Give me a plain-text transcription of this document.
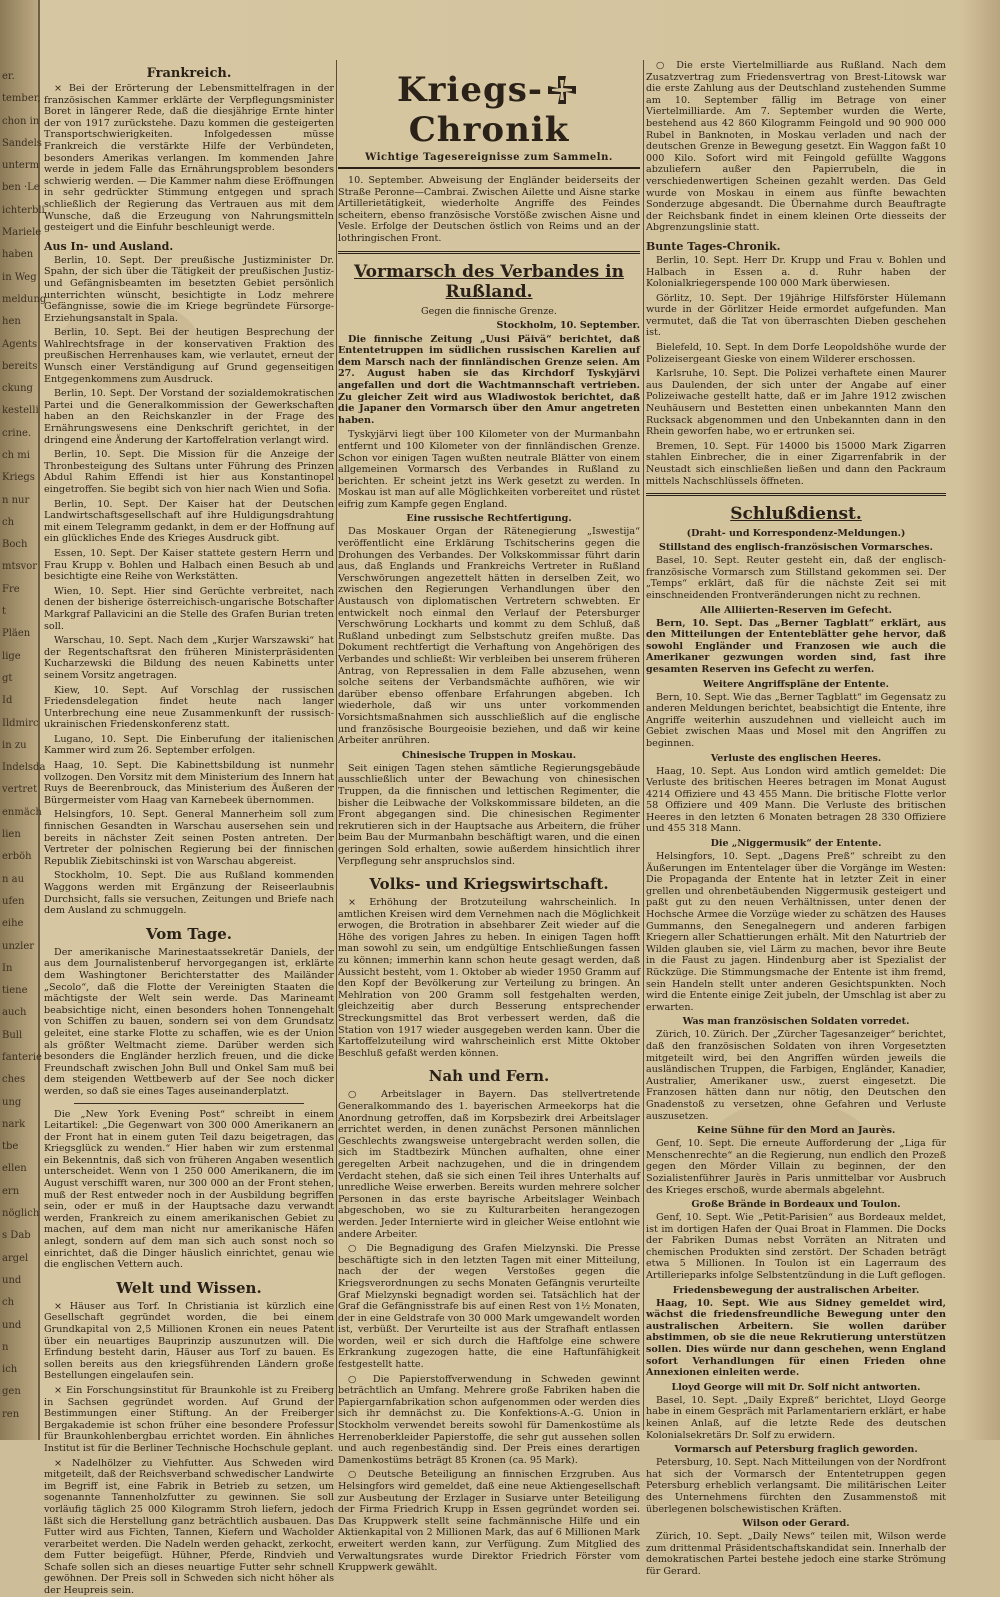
er.
tember,
chon in
Sandels
unterm
ben ·Le
ichterbli
Mariele
haben
in Weg
meldung
hen
Agents
bereits
ckung
kestelli
crine.
ch mi
Kriegs
n nur
ch
Boch
mtsvor
Fre
t
Pläen
lige
gt
Id
Ildmirc
in zu
Indelsda
vertret
enmäch
lien
erböh
n au
ufen
eihe
unzler
In
tiene
auch
Bull
fanterie
ches
ung
nark
tbe
ellen
ern
nöglich
s Dab
argel
und
ch
und
n
ich
gen
ren
Frankreich.

× Bei der Erörterung der Lebensmittelfragen in der französischen Kammer erklärte der Verpflegungsminister Boret in längerer Rede, daß die diesjährige Ernte hinter der von 1917 zurückstehe. Dazu kommen die gesteigerten Transportschwierigkeiten. Infolgedessen müsse Frankreich die verstärkte Hilfe der Verbündeten, besonders Amerikas verlangen. Im kommenden Jahre werde in jedem Falle das Ernährungsproblem besonders schwierig werden. — Die Kammer nahm diese Eröffnungen in sehr gedrückter Stimmung entgegen und sprach schließlich der Regierung das Vertrauen aus mit dem Wunsche, daß die Erzeugung von Nahrungsmitteln gesteigert und die Einfuhr beschleunigt werde.

Aus In- und Ausland.

Berlin, 10. Sept. Der preußische Justizminister Dr. Spahn, der sich über die Tätigkeit der preußischen Justiz- und Gefängnisbeamten im besetzten Gebiet persönlich unterrichten wünscht, besichtigte in Lodz mehrere Gefängnisse, sowie die im Kriege begründete Fürsorge-Erziehungsanstalt in Spala.

Berlin, 10. Sept. Bei der heutigen Besprechung der Wahlrechtsfrage in der konservativen Fraktion des preußischen Herrenhauses kam, wie verlautet, erneut der Wunsch einer Verständigung auf Grund gegenseitigen Entgegenkommens zum Ausdruck.

Berlin, 10. Sept. Der Vorstand der sozialdemokratischen Partei und die Generalkommission der Gewerkschaften haben an den Reichskanzler in der Frage des Ernährungswesens eine Denkschrift gerichtet, in der dringend eine Änderung der Kartoffelration verlangt wird.

Berlin, 10. Sept. Die Mission für die Anzeige der Thronbesteigung des Sultans unter Führung des Prinzen Abdul Rahim Effendi ist hier aus Konstantinopel eingetroffen. Sie begibt sich von hier nach Wien und Sofia.

Berlin, 10. Sept. Der Kaiser hat der Deutschen Landwirtschaftsgesellschaft auf ihre Huldigungsdrahtung mit einem Telegramm gedankt, in dem er der Hoffnung auf ein glückliches Ende des Krieges Ausdruck gibt.

Essen, 10. Sept. Der Kaiser stattete gestern Herrn und Frau Krupp v. Bohlen und Halbach einen Besuch ab und besichtigte eine Reihe von Werkstätten.

Wien, 10. Sept. Hier sind Gerüchte verbreitet, nach denen der bisherige österreichisch-ungarische Botschafter Markgraf Pallavicini an die Stelle des Grafen Burian treten soll.

Warschau, 10. Sept. Nach dem „Kurjer Warszawski“ hat der Regentschaftsrat den früheren Ministerpräsidenten Kucharzewski die Bildung des neuen Kabinetts unter seinem Vorsitz angetragen.

Kiew, 10. Sept. Auf Vorschlag der russischen Friedensdelegation findet heute nach langer Unterbrechung eine neue Zusammenkunft der russisch-ukrainischen Friedenskonferenz statt.

Lugano, 10. Sept. Die Einberufung der italienischen Kammer wird zum 26. September erfolgen.

Haag, 10. Sept. Die Kabinettsbildung ist nunmehr vollzogen. Den Vorsitz mit dem Ministerium des Innern hat Ruys de Beerenbrouck, das Ministerium des Äußeren der Bürgermeister vom Haag van Karnebeek übernommen.

Helsingfors, 10. Sept. General Mannerheim soll zum finnischen Gesandten in Warschau ausersehen sein und bereits in nächster Zeit seinen Posten antreten. Der Vertreter der polnischen Regierung bei der finnischen Republik Ziebitschinski ist von Warschau abgereist.

Stockholm, 10. Sept. Die aus Rußland kommenden Waggons werden mit Ergänzung der Reiseerlaubnis Durchsicht, falls sie versuchen, Zeitungen und Briefe nach dem Ausland zu schmuggeln.

Vom Tage.

Der amerikanische Marinestaatssekretär Daniels, der aus dem Journalistenberuf hervorgegangen ist, erklärte dem Washingtoner Berichterstatter des Mailänder „Secolo“, daß die Flotte der Vereinigten Staaten die mächtigste der Welt sein werde. Das Marineamt beabsichtige nicht, einen besonders hohen Tonnengehalt von Schiffen zu bauen, sondern sei von dem Grundsatz geleitet, eine starke Flotte zu schaffen, wie es der Union als größter Weltmacht zieme. Darüber werden sich besonders die Engländer herzlich freuen, und die dicke Freundschaft zwischen John Bull und Onkel Sam muß bei dem steigenden Wettbewerb auf der See noch dicker werden, so daß sie eines Tages auseinanderplatzt.

Die „New York Evening Post“ schreibt in einem Leitartikel: „Die Gegenwart von 300 000 Amerikanern an der Front hat in einem guten Teil dazu beigetragen, das Kriegsglück zu wenden.“ Hier haben wir zum erstenmal ein Bekenntnis, daß sich von früheren Angaben wesentlich unterscheidet. Wenn von 1 250 000 Amerikanern, die im August verschifft waren, nur 300 000 an der Front stehen, muß der Rest entweder noch in der Ausbildung begriffen sein, oder er muß in der Hauptsache dazu verwandt werden, Frankreich zu einem amerikanischen Gebiet zu machen, auf dem man nicht nur amerikanische Häfen anlegt, sondern auf dem man sich auch sonst noch so einrichtet, daß die Dinger häuslich einrichtet, genau wie die englischen Vettern auch.

Welt und Wissen.

× Häuser aus Torf. In Christiania ist kürzlich eine Gesellschaft gegründet worden, die bei einem Grundkapital von 2,5 Millionen Kronen ein neues Patent über ein neuartiges Bauprinzip auszunutzen will. Die Erfindung besteht darin, Häuser aus Torf zu bauen. Es sollen bereits aus den kriegsführenden Ländern große Bestellungen eingelaufen sein.

× Ein Forschungsinstitut für Braunkohle ist zu Freiberg in Sachsen gegründet worden. Auf Grund der Bestimmungen einer Stiftung. An der Freiberger Bergakademie ist schon früher eine besondere Professur für Braunkohlenbergbau errichtet worden. Ein ähnliches Institut ist für die Berliner Technische Hochschule geplant.

× Nadelhölzer zu Viehfutter. Aus Schweden wird mitgeteilt, daß der Reichsverband schwedischer Landwirte im Begriff ist, eine Fabrik in Betrieb zu setzen, um sogenannte Tannenholzfutter zu gewinnen. Sie soll vorläufig täglich 25 000 Kilogramm Stroh liefern, jedoch läßt sich die Herstellung ganz beträchtlich ausbauen. Das Futter wird aus Fichten, Tannen, Kiefern und Wacholder verarbeitet werden. Die Nadeln werden gehackt, zerkocht, dem Futter beigefügt. Hühner, Pferde, Rindvieh und Schafe sollen sich an dieses neuartige Futter sehr schnell gewöhnen. Der Preis soll in Schweden sich nicht höher als der Heupreis sein.

Kriegs-Chronik
Wichtige Tagesereignisse zum Sammeln.

10. September. Abweisung der Engländer beiderseits der Straße Peronne—Cambrai. Zwischen Ailette und Aisne starke Artillerietätigkeit, wiederholte Angriffe des Feindes scheitern, ebenso französische Vorstöße zwischen Aisne und Vesle. Erfolge der Deutschen östlich von Reims und an der lothringischen Front.

Vormarsch des Verbandes in Rußland.
Gegen die finnische Grenze.
Stockholm, 10. September.

Die finnische Zeitung „Uusi Päivä“ berichtet, daß Ententetruppen im südlichen russischen Karelien auf dem Marsch nach der finnländischen Grenze seien. Am 27. August haben sie das Kirchdorf Tyskyjärvi angefallen und dort die Wachtmannschaft vertrieben. Zu gleicher Zeit wird aus Wladiwostok berichtet, daß die Japaner den Vormarsch über den Amur angetreten haben.

Tyskyjärvi liegt über 100 Kilometer von der Murmanbahn entfernt und 100 Kilometer von der finnländischen Grenze. Schon vor einigen Tagen wußten neutrale Blätter von einem allgemeinen Vormarsch des Verbandes in Rußland zu berichten. Er scheint jetzt ins Werk gesetzt zu werden. In Moskau ist man auf alle Möglichkeiten vorbereitet und rüstet eifrig zum Kampfe gegen England.

Eine russische Rechtfertigung.

Das Moskauer Organ der Rätenegierung „Iswestija“ veröffentlicht eine Erklärung Tschitscherins gegen die Drohungen des Verbandes. Der Volkskommissar führt darin aus, daß Englands und Frankreichs Vertreter in Rußland Verschwörungen angezettelt hätten in derselben Zeit, wo zwischen den Regierungen Verhandlungen über den Austausch von diplomatischen Vertretern schwebten. Er entwickelt noch einmal den Verlauf der Petersburger Verschwörung Lockharts und kommt zu dem Schluß, daß Rußland unbedingt zum Selbstschutz greifen mußte. Das Dokument rechtfertigt die Verhaftung von Angehörigen des Verbandes und schließt: Wir verbleiben bei unserem früheren Antrag, von Repressalien in dem Falle abzusehen, wenn solche seitens der Verbandsmächte aufhören, wie wir darüber ebenso offenbare Erfahrungen abgeben. Ich wiederhole, daß wir uns unter vorkommenden Vorsichtsmaßnahmen sich ausschließlich auf die englische und französische Bourgeoisie beziehen, und daß wir keine Arbeiter anrühren.

Chinesische Truppen in Moskau.

Seit einigen Tagen stehen sämtliche Regierungsgebäude ausschließlich unter der Bewachung von chinesischen Truppen, da die finnischen und lettischen Regimenter, die bisher die Leibwache der Volkskommissare bildeten, an die Front abgegangen sind. Die chinesischen Regimenter rekrutieren sich in der Hauptsache aus Arbeitern, die früher beim Bau der Murmanbahn beschäftigt waren, und die einen geringen Sold erhalten, sowie außerdem hinsichtlich ihrer Verpflegung sehr anspruchslos sind.

Volks- und Kriegswirtschaft.

× Erhöhung der Brotzuteilung wahrscheinlich. In amtlichen Kreisen wird dem Vernehmen nach die Möglichkeit erwogen, die Brotration in absehbarer Zeit wieder auf die Höhe des vorigen Jahres zu heben. In einigen Tagen hofft man sowohl zu sein, um endgültige Entschließungen fassen zu können; immerhin kann schon heute gesagt werden, daß Aussicht besteht, vom 1. Oktober ab wieder 1950 Gramm auf den Kopf der Bevölkerung zur Verteilung zu bringen. An Mehlration von 200 Gramm soll festgehalten werden, gleichzeitig aber durch Besserung entsprechender Streckungsmittel das Brot verbessert werden, daß die Station von 1917 wieder ausgegeben werden kann. Über die Kartoffelzuteilung wird wahrscheinlich erst Mitte Oktober Beschluß gefaßt werden können.

Nah und Fern.

○ Arbeitslager in Bayern. Das stellvertretende Generalkommando des 1. bayerischen Armeekorps hat die Anordnung getroffen, daß im Korpsbezirk drei Arbeitslager errichtet werden, in denen zunächst Personen männlichen Geschlechts zwangsweise untergebracht werden sollen, die sich im Stadtbezirk München aufhalten, ohne einer geregelten Arbeit nachzugehen, und die in dringendem Verdacht stehen, daß sie sich einen Teil ihres Unterhalts auf unredliche Weise erwerben. Bereits wurden mehrere solcher Personen in das erste bayrische Arbeitslager Weinbach abgeschoben, wo sie zu Kulturarbeiten herangezogen werden. Jeder Internierte wird in gleicher Weise entlohnt wie andere Arbeiter.

○ Die Begnadigung des Grafen Mielzynski. Die Presse beschäftigte sich in den letzten Tagen mit einer Mitteilung, nach der der wegen Verstoßes gegen die Kriegsverordnungen zu sechs Monaten Gefängnis verurteilte Graf Mielzynski begnadigt worden sei. Tatsächlich hat der Graf die Gefängnisstrafe bis auf einen Rest von 1½ Monaten, der in eine Geldstrafe von 30 000 Mark umgewandelt worden ist, verbüßt. Der Verurteilte ist aus der Strafhaft entlassen worden, weil er sich durch die Haftfolge eine schwere Erkrankung zugezogen hatte, die eine Haftunfähigkeit festgestellt hatte.

○ Die Papierstoffverwendung in Schweden gewinnt beträchtlich an Umfang. Mehrere große Fabriken haben die Papiergarnfabrikation schon aufgenommen oder werden dies sich ihr demnächst zu. Die Konfektions-A.-G. Union in Stockholm verwendet bereits sowohl für Damenkostüme als Herrenoberkleider Papierstoffe, die sehr gut aussehen sollen und auch regenbeständig sind. Der Preis eines derartigen Damenkostüms beträgt 85 Kronen (ca. 95 Mark).

○ Deutsche Beteiligung an finnischen Erzgruben. Aus Helsingfors wird gemeldet, daß eine neue Aktiengesellschaft zur Ausbeutung der Erzlager in Susiarve unter Beteiligung der Firma Friedrich Krupp in Essen gegründet worden sei. Das Kruppwerk stellt seine fachmännische Hilfe und ein Aktienkapital von 2 Millionen Mark, das auf 6 Millionen Mark erweitert werden kann, zur Verfügung. Zum Mitglied des Verwaltungsrates wurde Direktor Friedrich Förster vom Kruppwerk gewählt.

○ Die erste Viertelmilliarde aus Rußland. Nach dem Zusatzvertrag zum Friedensvertrag von Brest-Litowsk war die erste Zahlung aus der Deutschland zustehenden Summe am 10. September fällig im Betrage von einer Viertelmilliarde. Am 7. September wurden die Werte, bestehend aus 42 860 Kilogramm Feingold und 90 900 000 Rubel in Banknoten, in Moskau verladen und nach der deutschen Grenze in Bewegung gesetzt. Ein Waggon faßt 10 000 Kilo. Sofort wird mit Feingold gefüllte Waggons abzuliefern außer den Papierrubeln, die in verschiedenwertigen Scheinen gezahlt werden. Das Geld wurde von Moskau in einem aus fünfte bewachten Sonderzuge abgesandt. Die Übernahme durch Beauftragte der Reichsbank findet in einem kleinen Orte diesseits der Abgrenzungslinie statt.

Bunte Tages-Chronik.

Berlin, 10. Sept. Herr Dr. Krupp und Frau v. Bohlen und Halbach in Essen a. d. Ruhr haben der Kolonialkriegerspende 100 000 Mark überwiesen.

Görlitz, 10. Sept. Der 19jährige Hilfsförster Hülemann wurde in der Görlitzer Heide ermordet aufgefunden. Man vermutet, daß die Tat von überraschten Dieben geschehen ist.

Bielefeld, 10. Sept. In dem Dorfe Leopoldshöhe wurde der Polizeisergeant Gieske von einem Wilderer erschossen.

Karlsruhe, 10. Sept. Die Polizei verhaftete einen Maurer aus Daulenden, der sich unter der Angabe auf einer Polizeiwache gestellt hatte, daß er im Jahre 1912 zwischen Neuhäusern und Bestetten einen unbekannten Mann den Rucksack abgenommen und den Unbekannten dann in den Rhein geworfen habe, wo er ertrunken sei.

Bremen, 10. Sept. Für 14000 bis 15000 Mark Zigarren stahlen Einbrecher, die in einer Zigarrenfabrik in der Neustadt sich einschließen ließen und dann den Packraum mittels Nachschlüssels öffneten.

Schlußdienst.
(Draht- und Korrespondenz-Meldungen.)
Stillstand des englisch-französischen Vormarsches.

Basel, 10. Sept. Reuter gesteht ein, daß der englisch-französische Vormarsch zum Stillstand gekommen sei. Der „Temps“ erklärt, daß für die nächste Zeit sei mit einschneidenden Frontveränderungen nicht zu rechnen.

Alle Alliierten-Reserven im Gefecht.

Bern, 10. Sept. Das „Berner Tagblatt“ erklärt, aus den Mitteilungen der Ententeblätter gehe hervor, daß sowohl Engländer und Franzosen wie auch die Amerikaner gezwungen worden sind, fast ihre gesamten Reserven ins Gefecht zu werfen.

Weitere Angriffspläne der Entente.

Bern, 10. Sept. Wie das „Berner Tagblatt“ im Gegensatz zu anderen Meldungen berichtet, beabsichtigt die Entente, ihre Angriffe weiterhin auszudehnen und vielleicht auch im Gebiet zwischen Maas und Mosel mit den Angriffen zu beginnen.

Verluste des englischen Heeres.

Haag, 10. Sept. Aus London wird amtlich gemeldet: Die Verluste des britischen Heeres betragen im Monat August 4214 Offiziere und 43 455 Mann. Die britische Flotte verlor 58 Offiziere und 409 Mann. Die Verluste des britischen Heeres in den letzten 6 Monaten betragen 28 330 Offiziere und 455 318 Mann.

Die „Niggermusik“ der Entente.

Helsingfors, 10. Sept. „Dagens Preß“ schreibt zu den Äußerungen im Ententelager über die Vorgänge im Westen: Die Propaganda der Entente hat in letzter Zeit in einer grellen und ohrenbetäubenden Niggermusik gesteigert und paßt gut zu den neuen Verhältnissen, unter denen der Hochsche Armee die Vorzüge wieder zu schätzen des Hauses Gummanns, den Senegalnegern und anderen farbigen Kriegern aller Schattierungen erhält. Mit den Naturtrieb der Wilden glauben sie, viel Lärm zu machen, bevor ihre Beute in die Faust zu jagen. Hindenburg aber ist Spezialist der Rückzüge. Die Stimmungsmache der Entente ist ihm fremd, sein Handeln stellt unter anderen Gesichtspunkten. Noch wird die Entente einige Zeit jubeln, der Umschlag ist aber zu erwarten.

Was man französischen Soldaten vorredet.

Zürich, 10. Zürich. Der „Zürcher Tagesanzeiger“ berichtet, daß den französischen Soldaten von ihren Vorgesetzten mitgeteilt wird, bei den Angriffen würden jeweils die ausländischen Truppen, die Farbigen, Engländer, Kanadier, Australier, Amerikaner usw., zuerst eingesetzt. Die Franzosen hätten dann nur nötig, den Deutschen den Gnadenstoß zu versetzen, ohne Gefahren und Verluste auszusetzen.

Keine Sühne für den Mord an Jaurès.

Genf, 10. Sept. Die erneute Aufforderung der „Liga für Menschenrechte“ an die Regierung, nun endlich den Prozeß gegen den Mörder Villain zu beginnen, der den Sozialistenführer Jaurès in Paris unmittelbar vor Ausbruch des Krieges erschoß, wurde abermals abgelehnt.

Große Brände in Bordeaux und Toulon.

Genf, 10. Sept. Wie „Petit-Parisien“ aus Bordeaux meldet, ist im dortigen Hafen der Quai Broat in Flammen. Die Docks der Fabriken Dumas nebst Vorräten an Nitraten und chemischen Produkten sind zerstört. Der Schaden beträgt etwa 5 Millionen. In Toulon ist ein Lagerraum des Artillerieparks infolge Selbstentzündung in die Luft geflogen.

Friedensbewegung der australischen Arbeiter.

Haag, 10. Sept. Wie aus Sidney gemeldet wird, wächst die friedensfreundliche Bewegung unter den australischen Arbeitern. Sie wollen darüber abstimmen, ob sie die neue Rekrutierung unterstützen sollen. Dies würde nur dann geschehen, wenn England sofort Verhandlungen für einen Frieden ohne Annexionen einleiten werde.

Lloyd George will mit Dr. Solf nicht antworten.

Basel, 10. Sept. „Daily Expreß“ berichtet, Lloyd George habe in einem Gespräch mit Parlamentariern erklärt, er habe keinen Anlaß, auf die letzte Rede des deutschen Kolonialsekretärs Dr. Solf zu erwidern.

Vormarsch auf Petersburg fraglich geworden.

Petersburg, 10. Sept. Nach Mitteilungen von der Nordfront hat sich der Vormarsch der Ententetruppen gegen Petersburg erheblich verlangsamt. Die militärischen Leiter des Unternehmens fürchten den Zusammenstoß mit überlegenen bolschewistischen Kräften.

Wilson oder Gerard.

Zürich, 10. Sept. „Daily News“ teilen mit, Wilson werde zum drittenmal Präsidentschaftskandidat sein. Innerhalb der demokratischen Partei bestehe jedoch eine starke Strömung für Gerard.
